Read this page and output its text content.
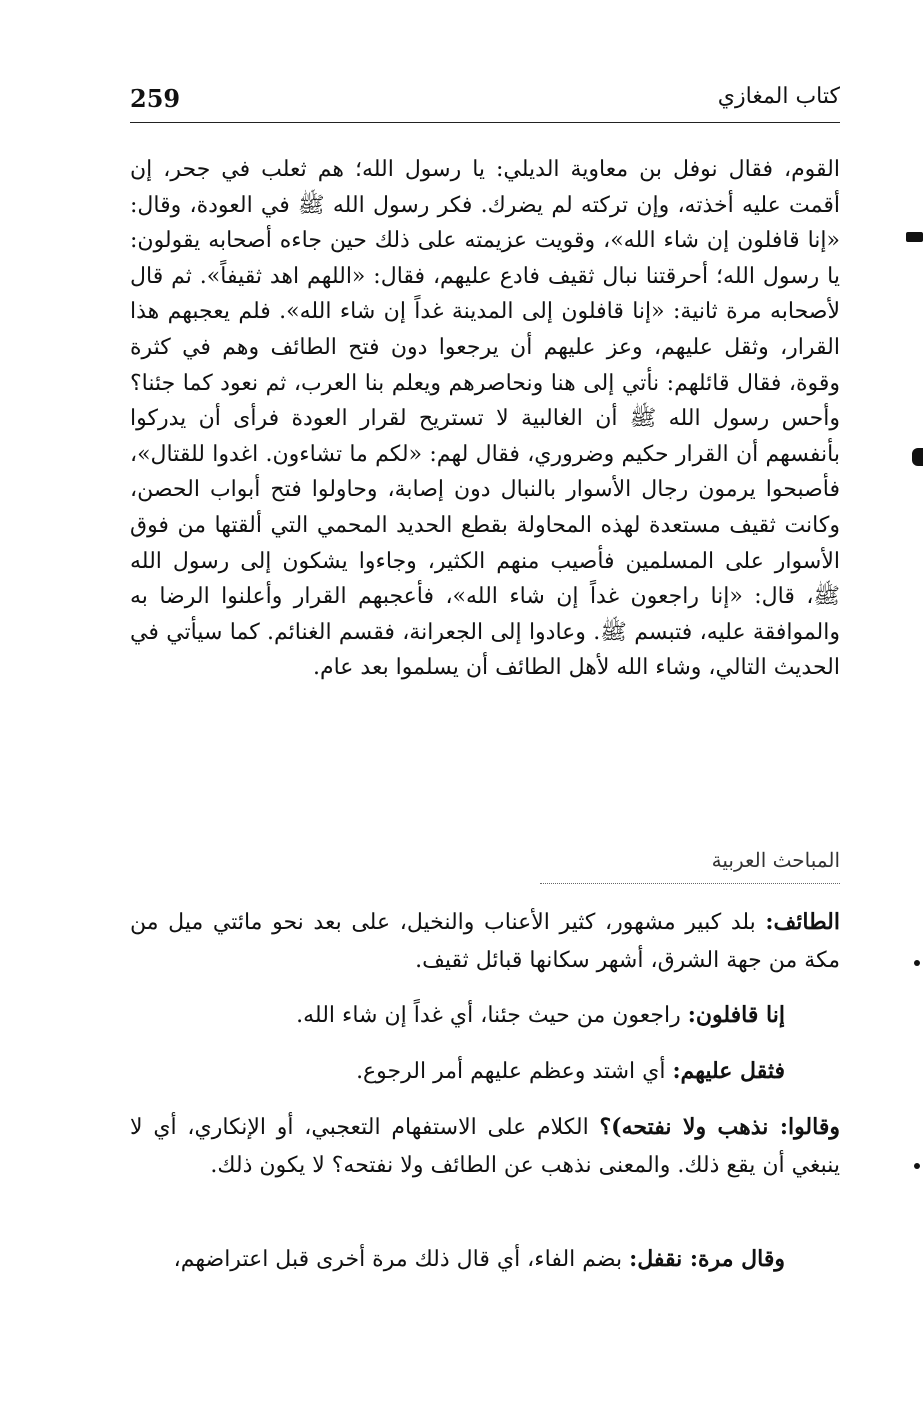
259	كتاب المغازي
القوم، فقال نوفل بن معاوية الديلي: يا رسول الله؛ هم ثعلب في جحر، إن أقمت عليه أخذته، وإن تركته لم يضرك. فكر رسول الله ﷺ في العودة، وقال: «إنا قافلون إن شاء الله»، وقويت عزيمته على ذلك حين جاءه أصحابه يقولون: يا رسول الله؛ أحرقتنا نبال ثقيف فادع عليهم، فقال: «اللهم اهد ثقيفاً». ثم قال لأصحابه مرة ثانية: «إنا قافلون إلى المدينة غداً إن شاء الله». فلم يعجبهم هذا القرار، وثقل عليهم، وعز عليهم أن يرجعوا دون فتح الطائف وهم في كثرة وقوة، فقال قائلهم: نأتي إلى هنا ونحاصرهم ويعلم بنا العرب، ثم نعود كما جئنا؟ وأحس رسول الله ﷺ أن الغالبية لا تستريح لقرار العودة فرأى أن يدركوا بأنفسهم أن القرار حكيم وضروري، فقال لهم: «لكم ما تشاءون. اغدوا للقتال»، فأصبحوا يرمون رجال الأسوار بالنبال دون إصابة، وحاولوا فتح أبواب الحصن، وكانت ثقيف مستعدة لهذه المحاولة بقطع الحديد المحمي التي ألقتها من فوق الأسوار على المسلمين فأصيب منهم الكثير، وجاءوا يشكون إلى رسول الله ﷺ، قال: «إنا راجعون غداً إن شاء الله»، فأعجبهم القرار وأعلنوا الرضا به والموافقة عليه، فتبسم ﷺ. وعادوا إلى الجعرانة، فقسم الغنائم. كما سيأتي في الحديث التالي، وشاء الله لأهل الطائف أن يسلموا بعد عام.
المباحث العربية

الطائف: بلد كبير مشهور، كثير الأعناب والنخيل، على بعد نحو مائتي ميل من مكة من جهة الشرق، أشهر سكانها قبائل ثقيف.

إنا قافلون: راجعون من حيث جئنا، أي غداً إن شاء الله.

فثقل عليهم: أي اشتد وعظم عليهم أمر الرجوع.

وقالوا: نذهب ولا نفتحه)؟ الكلام على الاستفهام التعجبي، أو الإنكاري، أي لا ينبغي أن يقع ذلك. والمعنى نذهب عن الطائف ولا نفتحه؟ لا يكون ذلك.

وقال مرة: نقفل: بضم الفاء، أي قال ذلك مرة أخرى قبل اعتراضهم،
